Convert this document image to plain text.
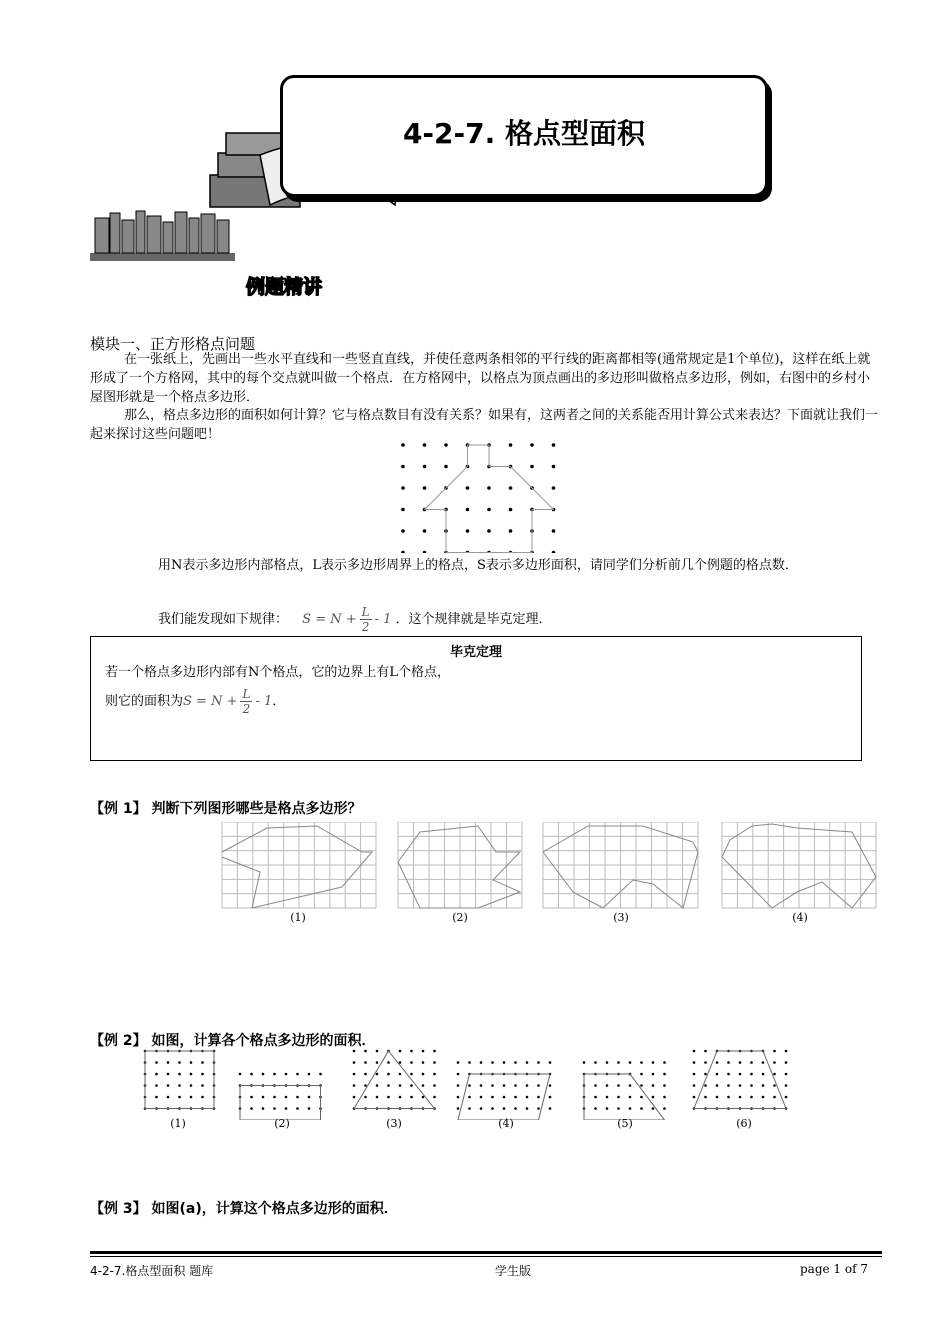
4-2-7. 格点型面积
例题精讲
模块一、正方形格点问题
在一张纸上，先画出一些水平直线和一些竖直直线，并使任意两条相邻的平行线的距离都相等(通常规定是1个单位)，这样在纸上就形成了一个方格网，其中的每个交点就叫做一个格点．在方格网中，以格点为顶点画出的多边形叫做格点多边形，例如，右图中的乡村小屋图形就是一个格点多边形．
那么，格点多边形的面积如何计算？它与格点数目有没有关系？如果有，这两者之间的关系能否用计算公式来表达？下面就让我们一起来探讨这些问题吧！
用N表示多边形内部格点，L表示多边形周界上的格点，S表示多边形面积，请同学们分析前几个例题的格点数．
我们能发现如下规律： $S = N + \frac{L}{2} - 1$ ．这个规律就是毕克定理．
毕克定理
若一个格点多边形内部有N个格点，它的边界上有L个格点，
则它的面积为$S = N + \frac{L}{2} - 1$．
【例 1】 判断下列图形哪些是格点多边形？
(1)	(2)	(3)	(4)
【例 2】 如图，计算各个格点多边形的面积．
(1)	(2)	(3)	(4)	(5)	(6)
【例 3】 如图(a)，计算这个格点多边形的面积．
4-2-7.格点型面积 题库	学生版	page 1 of 7
